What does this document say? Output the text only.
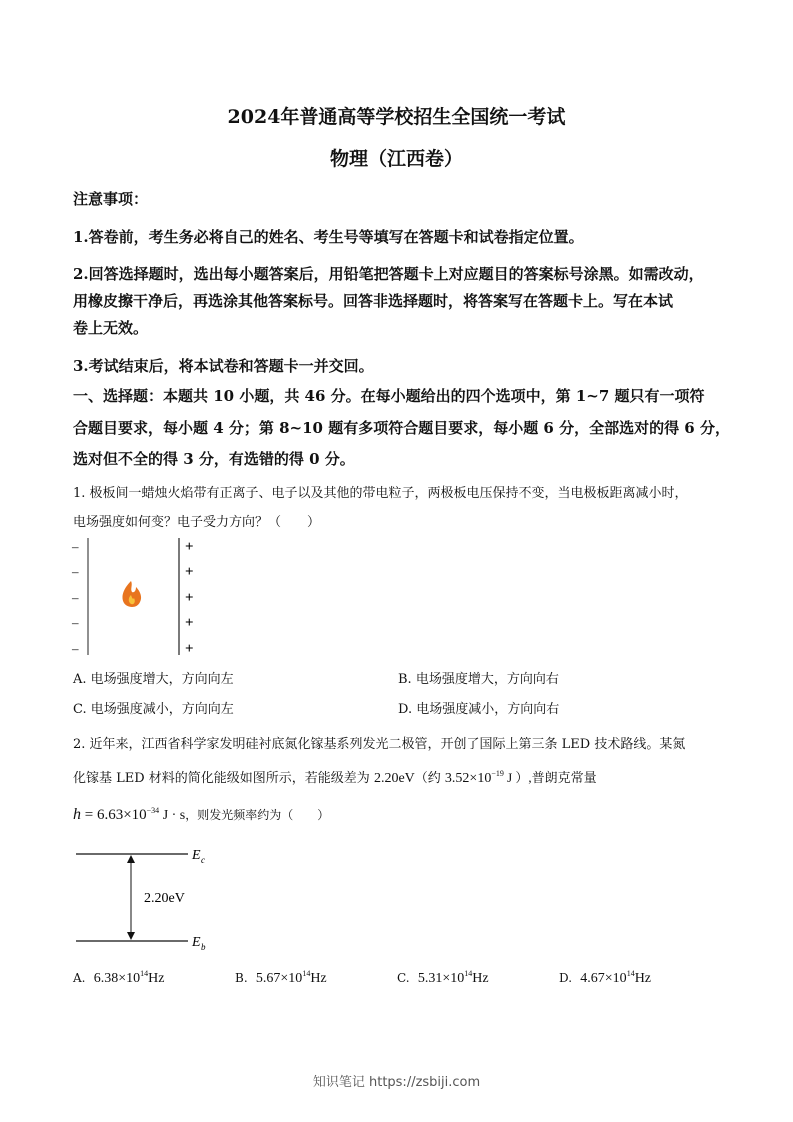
2024年普通高等学校招生全国统一考试
物理（江西卷）
注意事项：
1.答卷前，考生务必将自己的姓名、考生号等填写在答题卡和试卷指定位置。
2.回答选择题时，选出每小题答案后，用铅笔把答题卡上对应题目的答案标号涂黑。如需改动，
用橡皮擦干净后，再选涂其他答案标号。回答非选择题时，将答案写在答题卡上。写在本试
卷上无效。
3.考试结束后，将本试卷和答题卡一并交回。
一、选择题：本题共 10 小题，共 46 分。在每小题给出的四个选项中，第 1~7 题只有一项符
合题目要求，每小题 4 分；第 8~10 题有多项符合题目要求，每小题 6 分，全部选对的得 6 分，
选对但不全的得 3 分，有选错的得 0 分。
1. 极板间一蜡烛火焰带有正离子、电子以及其他的带电粒子，两极板电压保持不变，当电极板距离减小时，
电场强度如何变？电子受力方向？（　　）
–
–
–
–
–
+
+
+
+
+
A. 电场强度增大，方向向左	B. 电场强度增大，方向向右
C. 电场强度减小，方向向左	D. 电场强度减小，方向向右
2. 近年来，江西省科学家发明硅衬底氮化镓基系列发光二极管，开创了国际上第三条 LED 技术路线。某氮
化镓基 LED 材料的简化能级如图所示，若能级差为 2.20eV（约 $3.52\times 10^{-19}$ J ）,普朗克常量
$h = 6.63\times 10^{-34}$ J · s，则发光频率约为（　　）
2.20eV
E c
E b
A. $6.38\times 10^{14}Hz$	B. $5.67\times 10^{14}Hz$	C. $5.31\times 10^{14}Hz$	D. $4.67\times 10^{14}Hz$
知识笔记 https://zsbiji.com
